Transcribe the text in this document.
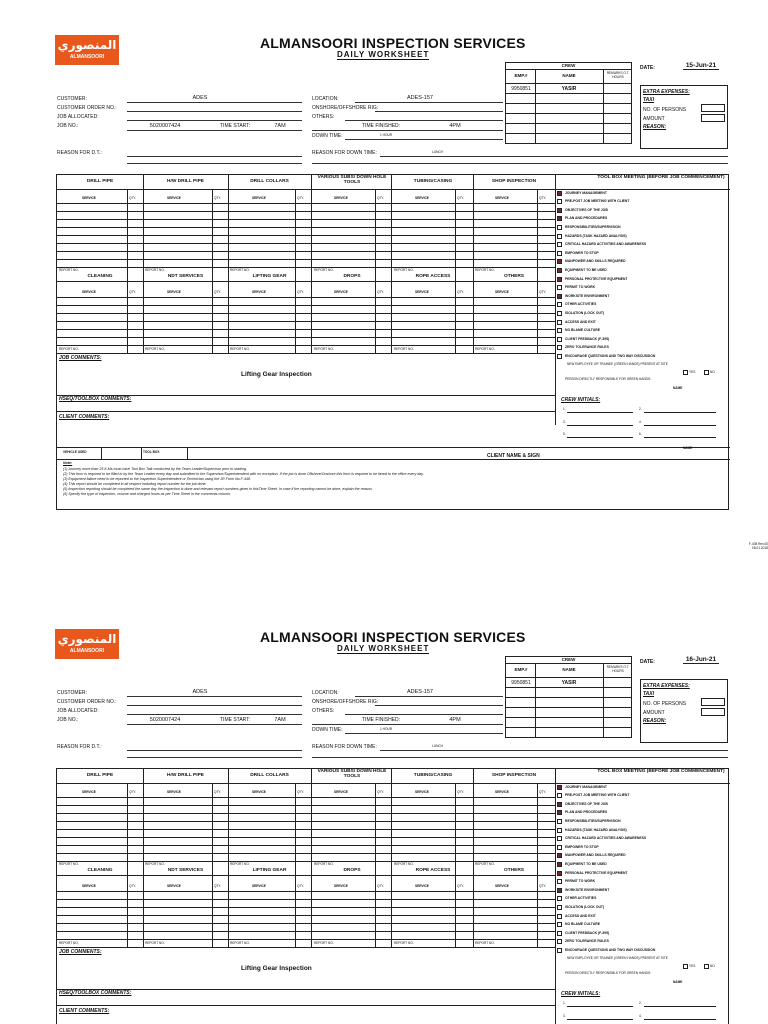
المنصوري
ALMANSOORI
ALMANSOORI INSPECTION SERVICES
DAILY WORKSHEET
CREW
EMP.#	NAME	REMARKS O.T. HOURS
9950851	YASIR
DATE:	15-Jun-21
EXTRA EXPENSES:
TAXI
NO. OF PERSONS
AMOUNT
REASON:
CUSTOMER:	ADES
CUSTOMER ORDER NO.:
JOB ALLOCATED:
JOB NO.:	5020007424	TIME START:	7AM
LOCATION:	ADES-157
ONSHORE/OFFSHORE RIG:
OTHERS:
TIME FINISHED:	4PM
DOWN TIME:	1 HOUR
REASON FOR D.T.:	REASON FOR DOWN TIME:	LUNCH
DRILL PIPE	H/W DRILL PIPE	DRILL COLLARS
VARIOUS SUBS/ DOWN HOLE TOOLS	TUBING/CASING	SHOP INSPECTION
SERVICE	QTY.	SERVICE	QTY.	SERVICE	QTY.	SERVICE	QTY.	SERVICE	QTY.	SERVICE	QTY.
REPORT NO.	REPORT NO.	REPORT NO.	REPORT NO.	REPORT NO.	REPORT NO.
CLEANING	NDT SERVICES	LIFTING GEAR	DROPS	ROPE ACCESS	OTHERS
SERVICE	QTY.	SERVICE	QTY.	SERVICE	QTY.	SERVICE	QTY.	SERVICE	QTY.	SERVICE	QTY.
REPORT NO.	REPORT NO.	REPORT NO.	REPORT NO.	REPORT NO.	REPORT NO.
JOB COMMENTS:
Lifting Gear Inspection
HSEQ/TOOLBOX COMMENTS:
CLIENT COMMENTS:
VEHICLE USED	TOOL BOX
CLIENT NAME & SIGN
NAME
Note:
(1) Journey more than 25 K.Ms must have Tool Box Talk conducted by the Team Leader/Supervisor prior to starting.
(2) This form is required to be filled in by the Team Leader every day and submitted to the Supervisor/Superintendent with no exception. If the job is done Offshore/Onshore this form is required to be faxed to the office every day.
(3) Equipment failure need to be reported to the Inspection Superintendent or Technician using the JR Form No.F-448.
(4) This report should be completed in all respect including report number for the job done.
(5) Inspection reporting should be completed the same day the inspection is done and relevant report numbers given in thisTime Sheet. In case if the reporting cannot be done, explain the reason.
(6) Specify the type of inspection, volume and charged hours as per Time Sheet in the comments column.
TOOL BOX MEETING (BEFORE JOB COMMENCEMENT)
JOURNEY MANAGEMENT
PRE-POST JOB MEETING WITH CLIENT
OBJECTIVES OF THE JOB
PLAN AND PROCEDURES
RESPONSIBILITIES/SUPERVISION
HAZARDS (TASK HAZARD ANALYSIS)
CRITICAL HAZARD ACTIVITIES AND AWARENESS
EMPOWER TO STOP
MANPOWER AND SKILLS REQUIRED
EQUIPMENT TO BE USED
PERSONAL PROTECTIVE EQUIPMENT
PERMIT TO WORK
WORKSITE ENVIRONMENT
OTHER ACTIVITIES
ISOLATION (LOCK OUT)
ACCESS AND EXIT
NO BLAME CULTURE
CLIENT FEEDBACK (F-395)
ZERO TOLERANCE RULES
ENCOURAGE QUESTIONS AND TWO WAY DISCUSSION
NEW EMPLOYEE OR TRAINEE (GREEN HANDS) PRESENT AT SITE
YES	NO
PERSON DIRECTLY RESPONSIBLE FOR GREEN HANDS:
NAME
CREW INITIALS:
1.	2.
3.	4.
5.	6.
F-408 Rev.00 08.01.2018
المنصوري
ALMANSOORI
ALMANSOORI INSPECTION SERVICES
DAILY WORKSHEET
CREW
EMP.#	NAME	REMARKS O.T. HOURS
9950851	YASIR
DATE:	16-Jun-21
EXTRA EXPENSES:
TAXI
NO. OF PERSONS
AMOUNT
REASON:
CUSTOMER:	ADES
CUSTOMER ORDER NO.:
JOB ALLOCATED:
JOB NO.:	5020007424	TIME START:	7AM
LOCATION:	ADES-157
ONSHORE/OFFSHORE RIG:
OTHERS:
TIME FINISHED:	4PM
DOWN TIME:	1 HOUR
REASON FOR D.T.:	REASON FOR DOWN TIME:	LUNCH
DRILL PIPE	H/W DRILL PIPE	DRILL COLLARS
VARIOUS SUBS/ DOWN HOLE TOOLS	TUBING/CASING	SHOP INSPECTION
SERVICE	QTY.	SERVICE	QTY.	SERVICE	QTY.	SERVICE	QTY.	SERVICE	QTY.	SERVICE	QTY.
REPORT NO.	REPORT NO.	REPORT NO.	REPORT NO.	REPORT NO.	REPORT NO.
CLEANING	NDT SERVICES	LIFTING GEAR	DROPS	ROPE ACCESS	OTHERS
SERVICE	QTY.	SERVICE	QTY.	SERVICE	QTY.	SERVICE	QTY.	SERVICE	QTY.	SERVICE	QTY.
REPORT NO.	REPORT NO.	REPORT NO.	REPORT NO.	REPORT NO.	REPORT NO.
JOB COMMENTS:
Lifting Gear Inspection
HSEQ/TOOLBOX COMMENTS:
CLIENT COMMENTS:
TOOL BOX MEETING (BEFORE JOB COMMENCEMENT)
JOURNEY MANAGEMENT
PRE-POST JOB MEETING WITH CLIENT
OBJECTIVES OF THE JOB
PLAN AND PROCEDURES
RESPONSIBILITIES/SUPERVISION
HAZARDS (TASK HAZARD ANALYSIS)
CRITICAL HAZARD ACTIVITIES AND AWARENESS
EMPOWER TO STOP
MANPOWER AND SKILLS REQUIRED
EQUIPMENT TO BE USED
PERSONAL PROTECTIVE EQUIPMENT
PERMIT TO WORK
WORKSITE ENVIRONMENT
OTHER ACTIVITIES
ISOLATION (LOCK OUT)
ACCESS AND EXIT
NO BLAME CULTURE
CLIENT FEEDBACK (F-395)
ZERO TOLERANCE RULES
ENCOURAGE QUESTIONS AND TWO WAY DISCUSSION
NEW EMPLOYEE OR TRAINEE (GREEN HANDS) PRESENT AT SITE
YES	NO
PERSON DIRECTLY RESPONSIBLE FOR GREEN HANDS:
NAME
CREW INITIALS:
1.	2.
3.	4.
